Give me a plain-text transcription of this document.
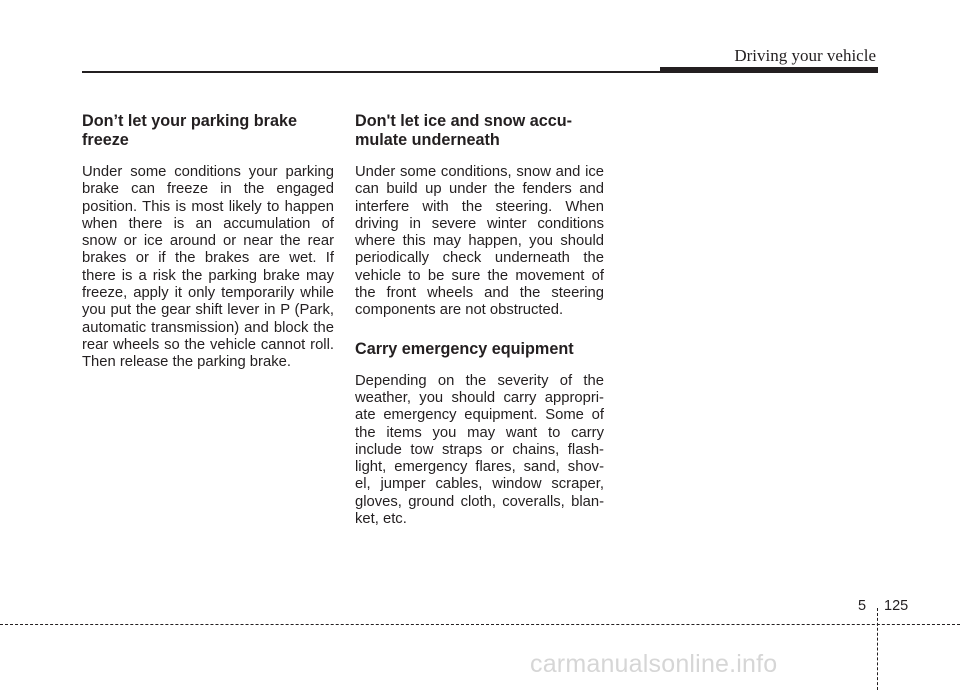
Driving your vehicle
Don’t let your parking brake freeze

Under some conditions your parking brake can freeze in the engaged position. This is most likely to happen when there is an accumulation of snow or ice around or near the rear brakes or if the brakes are wet. If there is a risk the parking brake may freeze, apply it only temporarily while you put the gear shift lever in P (Park, automatic transmission) and block the rear wheels so the vehicle cannot roll. Then release the parking brake.

Don't let ice and snow accu-mulate underneath

Under some conditions, snow and ice can build up under the fenders and interfere with the steering. When driving in severe winter conditions where this may happen, you should periodically check underneath the vehicle to be sure the movement of the front wheels and the steering components are not obstructed.

Carry emergency equipment

Depending on the severity of the weather, you should carry appropri-ate emergency equipment. Some of the items you may want to carry include tow straps or chains, flash-light, emergency flares, sand, shov-el, jumper cables, window scraper, gloves, ground cloth, coveralls, blan-ket, etc.

5 125
carmanualsonline.info
